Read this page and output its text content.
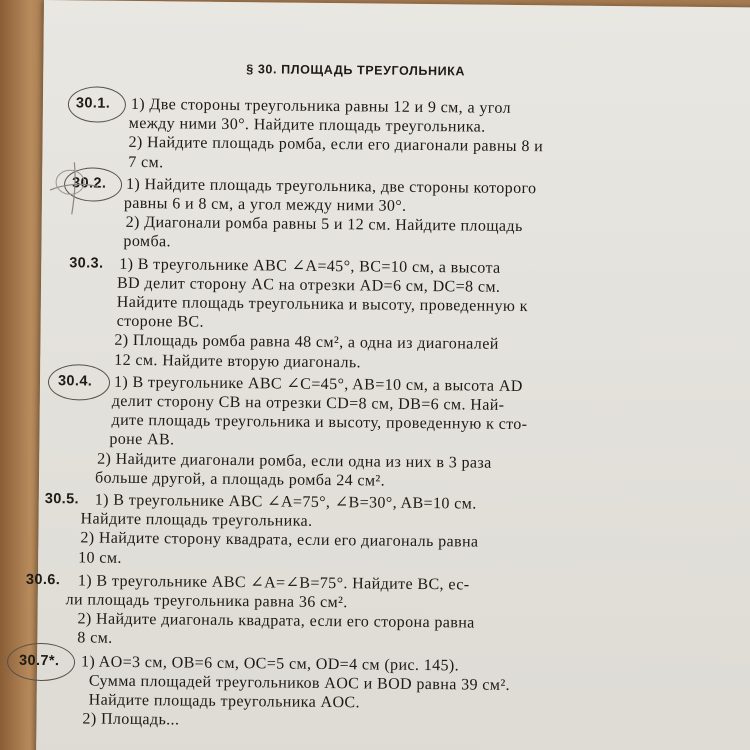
§ 30. ПЛОЩАДЬ ТРЕУГОЛЬНИКА
30.1.	1) Две стороны треугольника равны 12 и 9 см, а угол
между ними 30°. Найдите площадь треугольника.
2) Найдите площадь ромба, если его диагонали равны 8 и
7 см.
30.2.	1) Найдите площадь треугольника, две стороны которого
равны 6 и 8 см, а угол между ними 30°.
2) Диагонали ромба равны 5 и 12 см. Найдите площадь
ромба.
30.3. 1) В треугольнике ABC ∠A=45°, BC=10 см, а высота
BD делит сторону AC на отрезки AD=6 см, DC=8 см.
Найдите площадь треугольника и высоту, проведенную к
стороне BC.
2) Площадь ромба равна 48 см², а одна из диагоналей
12 см. Найдите вторую диагональ.
30.4.	1) В треугольнике ABC ∠C=45°, AB=10 см, а высота AD
делит сторону CB на отрезки CD=8 см, DB=6 см. Най-
дите площадь треугольника и высоту, проведенную к сто-
роне AB.
2) Найдите диагонали ромба, если одна из них в 3 раза
больше другой, а площадь ромба 24 см².
30.5. 1) В треугольнике ABC ∠A=75°, ∠B=30°, AB=10 см.
Найдите площадь треугольника.
2) Найдите сторону квадрата, если его диагональ равна
10 см.
30.6.	1) В треугольнике ABC ∠A=∠B=75°. Найдите BC, ес-
ли площадь треугольника равна 36 см².
2) Найдите диагональ квадрата, если его сторона равна
8 см.
30.7*.	1) AO=3 см, OB=6 см, OC=5 см, OD=4 см (рис. 145).
Сумма площадей треугольников AOC и BOD равна 39 см².
Найдите площадь треугольника AOC.
2) Площадь...
